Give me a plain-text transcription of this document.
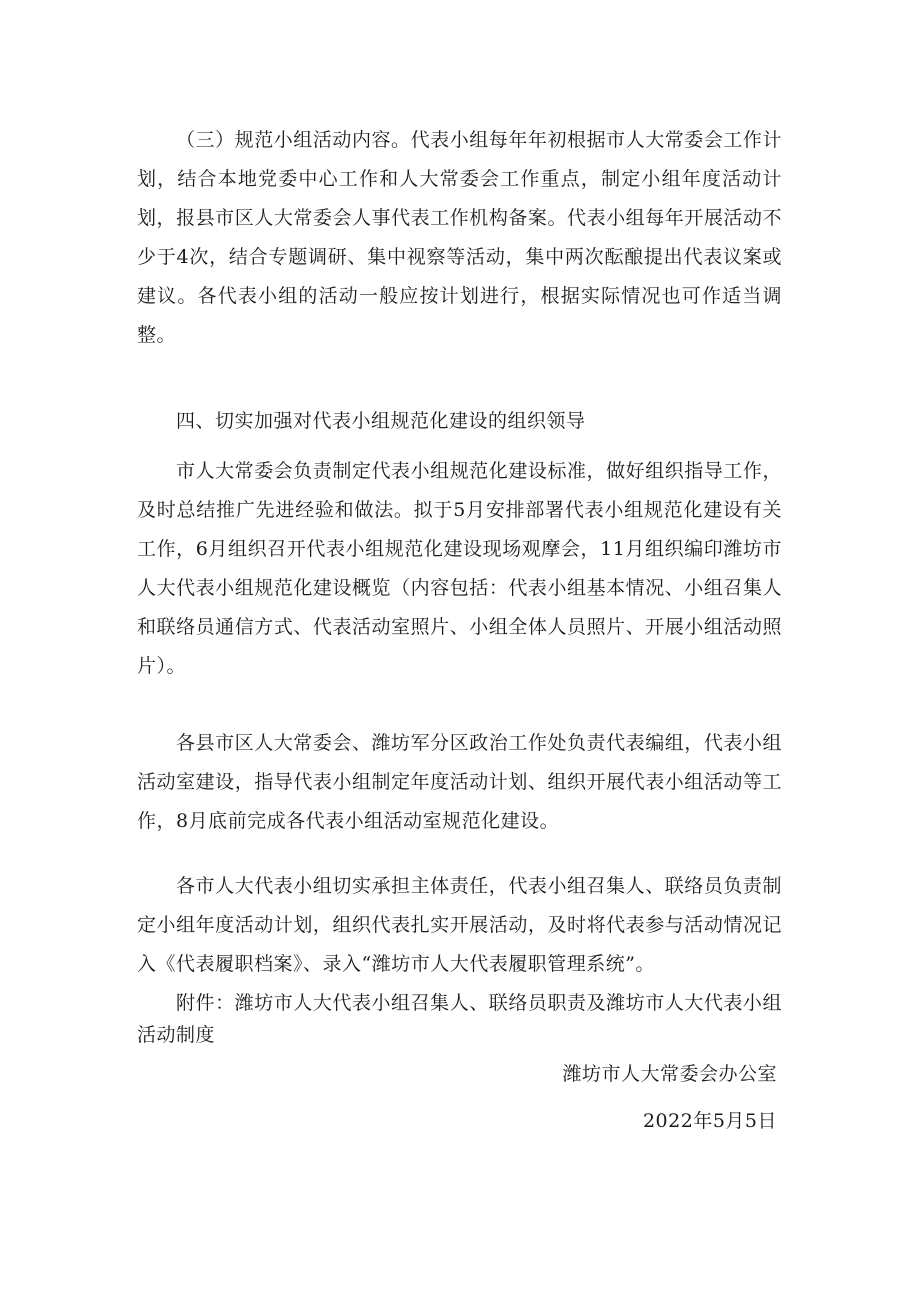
（三）规范小组活动内容。代表小组每年年初根据市人大常委会工作计划，结合本地党委中心工作和人大常委会工作重点，制定小组年度活动计划，报县市区人大常委会人事代表工作机构备案。代表小组每年开展活动不少于4次，结合专题调研、集中视察等活动，集中两次酝酿提出代表议案或建议。各代表小组的活动一般应按计划进行，根据实际情况也可作适当调整。

四、切实加强对代表小组规范化建设的组织领导

市人大常委会负责制定代表小组规范化建设标准，做好组织指导工作，及时总结推广先进经验和做法。拟于5月安排部署代表小组规范化建设有关工作，6月组织召开代表小组规范化建设现场观摩会，11月组织编印潍坊市人大代表小组规范化建设概览（内容包括：代表小组基本情况、小组召集人和联络员通信方式、代表活动室照片、小组全体人员照片、开展小组活动照片）。

各县市区人大常委会、潍坊军分区政治工作处负责代表编组，代表小组活动室建设，指导代表小组制定年度活动计划、组织开展代表小组活动等工作，8月底前完成各代表小组活动室规范化建设。

各市人大代表小组切实承担主体责任，代表小组召集人、联络员负责制定小组年度活动计划，组织代表扎实开展活动，及时将代表参与活动情况记入《代表履职档案》、录入“潍坊市人大代表履职管理系统”。

附件：潍坊市人大代表小组召集人、联络员职责及潍坊市人大代表小组活动制度

潍坊市人大常委会办公室
2022年5月5日
